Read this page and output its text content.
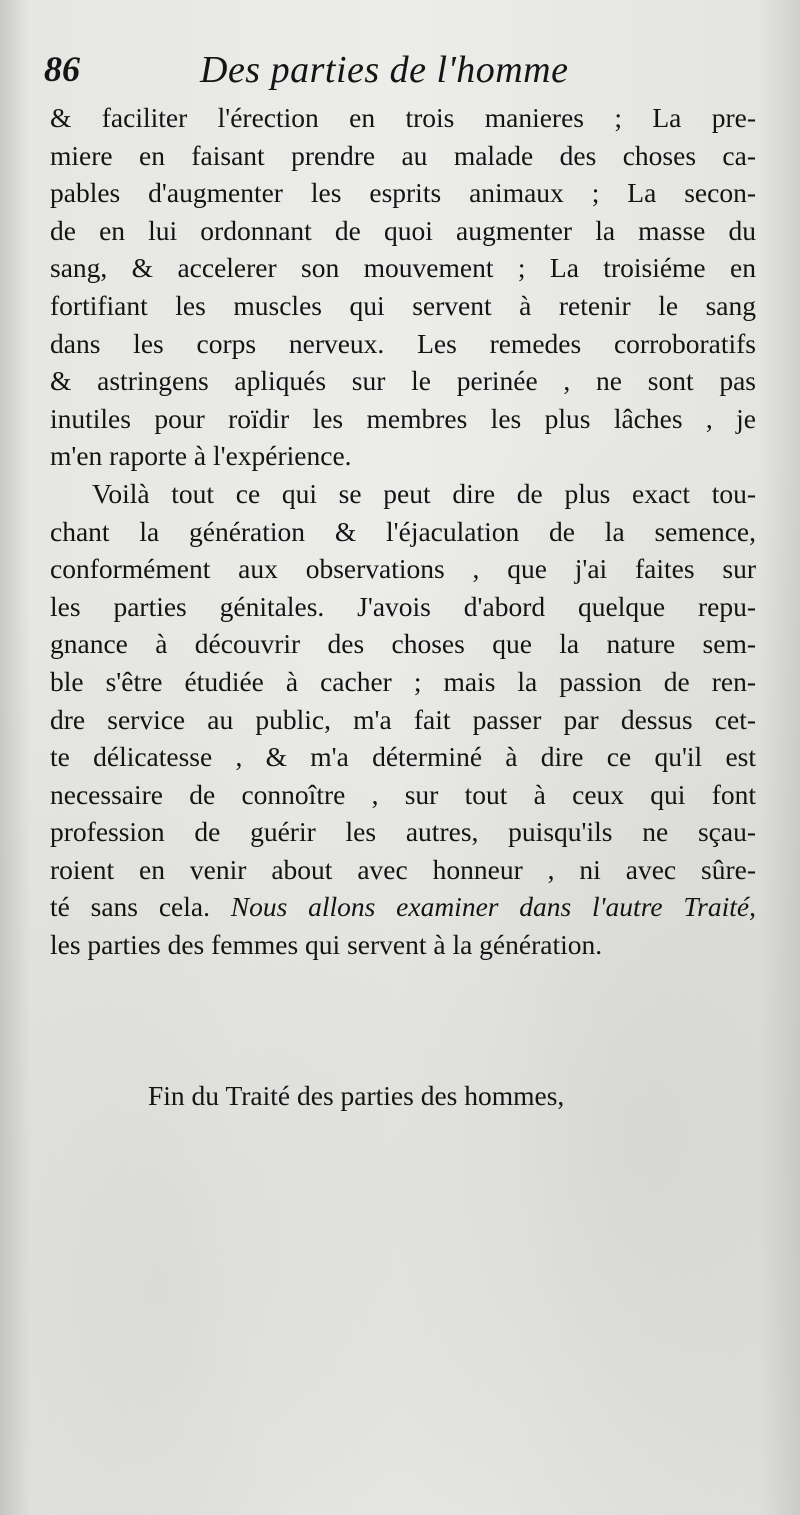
86	Des parties de l'homme
& faciliter l'érection en trois manieres ; La pre-
miere en faisant prendre au malade des choses ca-
pables d'augmenter les esprits animaux ; La secon-
de en lui ordonnant de quoi augmenter la masse du
sang, & accelerer son mouvement ; La troisiéme en
fortifiant les muscles qui servent à retenir le sang
dans les corps nerveux. Les remedes corroboratifs
& astringens apliqués sur le perinée , ne sont pas
inutiles pour roïdir les membres les plus lâches , je
m'en raporte à l'expérience.
Voilà tout ce qui se peut dire de plus exact tou-
chant la génération & l'éjaculation de la semence,
conformément aux observations , que j'ai faites sur
les parties génitales. J'avois d'abord quelque repu-
gnance à découvrir des choses que la nature sem-
ble s'être étudiée à cacher ; mais la passion de ren-
dre service au public, m'a fait passer par dessus cet-
te délicatesse , & m'a déterminé à dire ce qu'il est
necessaire de connoître , sur tout à ceux qui font
profession de guérir les autres, puisqu'ils ne sçau-
roient en venir about avec honneur , ni avec sûre-
té sans cela. Nous allons examiner dans l'autre Traité,
les parties des femmes qui servent à la génération.
Fin du Traité des parties des hommes,
